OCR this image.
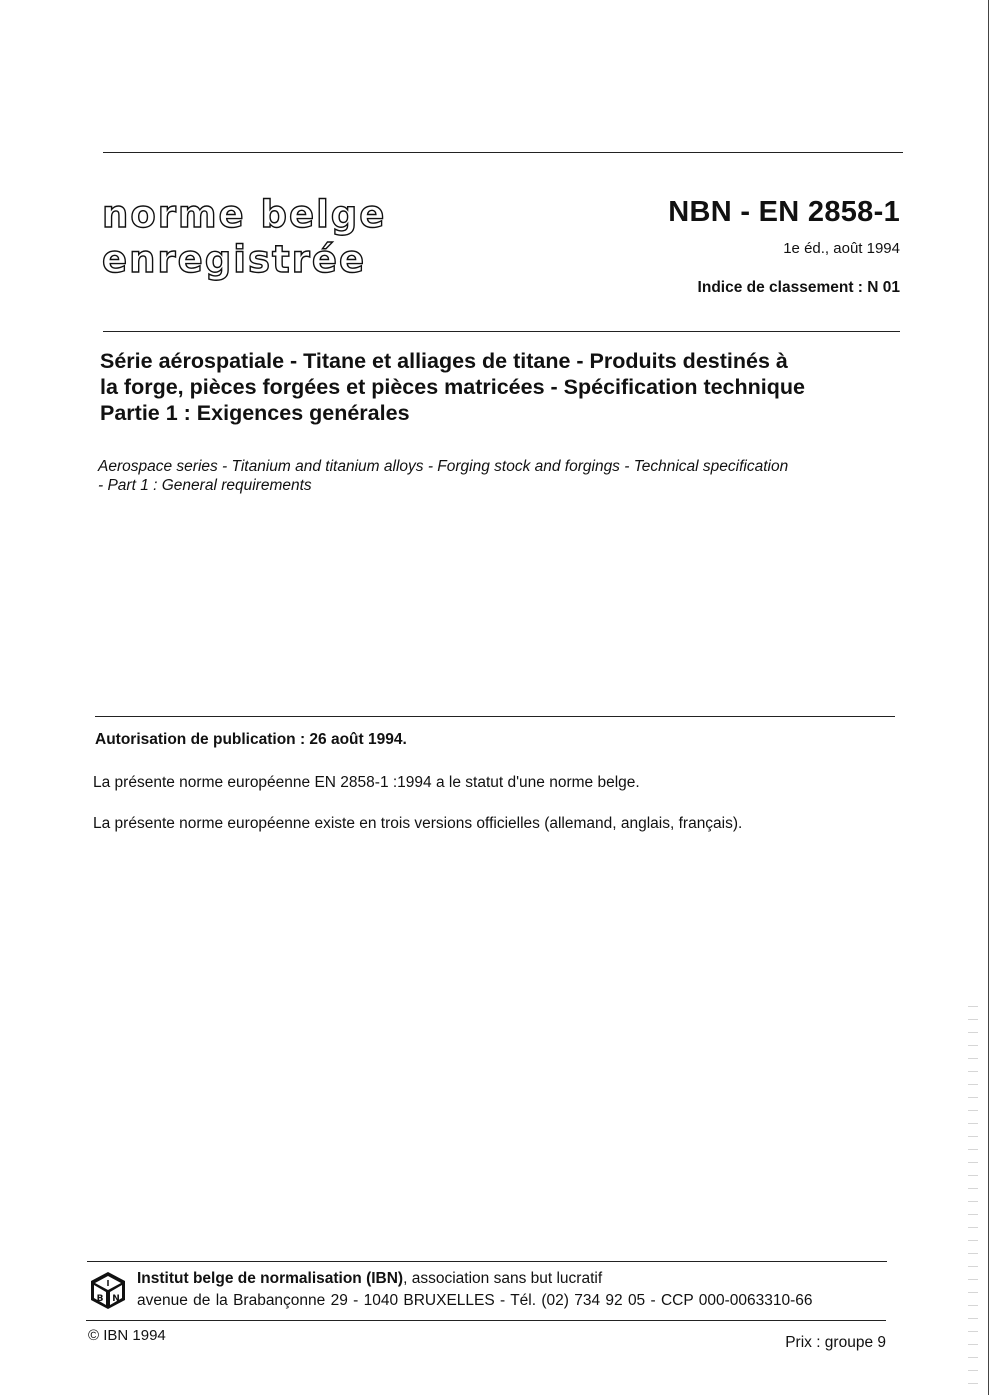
norme belge
enregistrée
NBN - EN 2858-1
1e éd., août 1994
Indice de classement : N 01
Série aérospatiale - Titane et alliages de titane - Produits destinés à
la forge, pièces forgées et pièces matricées - Spécification technique
Partie 1 : Exigences genérales
Aerospace series - Titanium and titanium alloys - Forging stock and forgings - Technical specification
- Part 1 : General requirements
Autorisation de publication : 26 août 1994.
La présente norme européenne EN 2858-1 :1994 a le statut d'une norme belge.
La présente norme européenne existe en trois versions officielles (allemand, anglais, français).
I
B N
Institut belge de normalisation (IBN), association sans but lucratif
avenue de la Brabançonne 29 - 1040 BRUXELLES - Tél. (02) 734 92 05 - CCP 000-0063310-66
© IBN 1994	Prix : groupe 9
